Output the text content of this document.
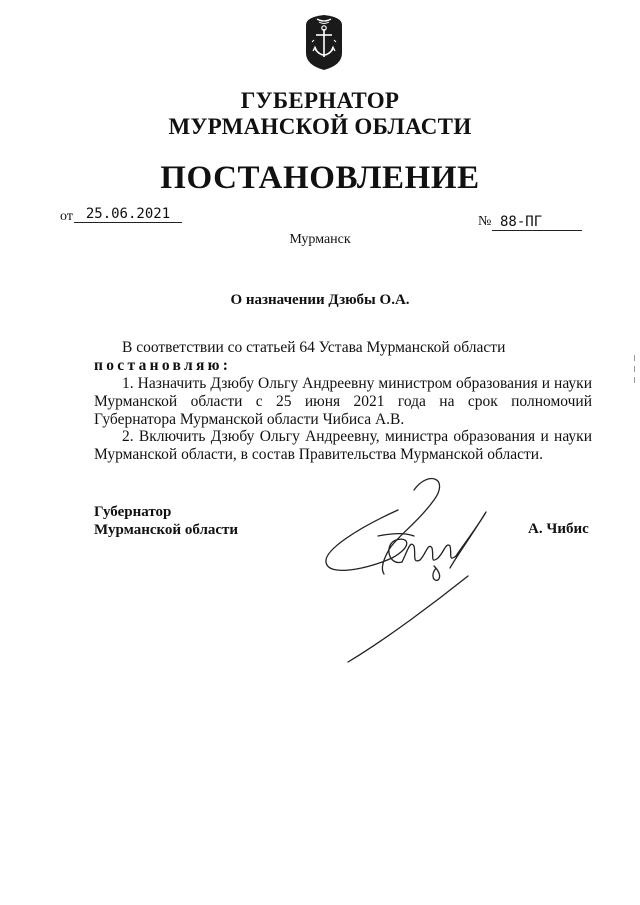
ГУБЕРНАТОР
МУРМАНСКОЙ ОБЛАСТИ
ПОСТАНОВЛЕНИЕ
от 25.06.2021	№ 88-ПГ
Мурманск
О назначении Дзюбы О.А.
В соответствии со статьей 64 Устава Мурманской области
постановляю:
1. Назначить Дзюбу Ольгу Андреевну министром образования и науки Мурманской области с 25 июня 2021 года на срок полномочий Губернатора Мурманской области Чибиса А.В.
2. Включить Дзюбу Ольгу Андреевну, министра образования и науки Мурманской области, в состав Правительства Мурманской области.
Губернатор
Мурманской области	А. Чибис
